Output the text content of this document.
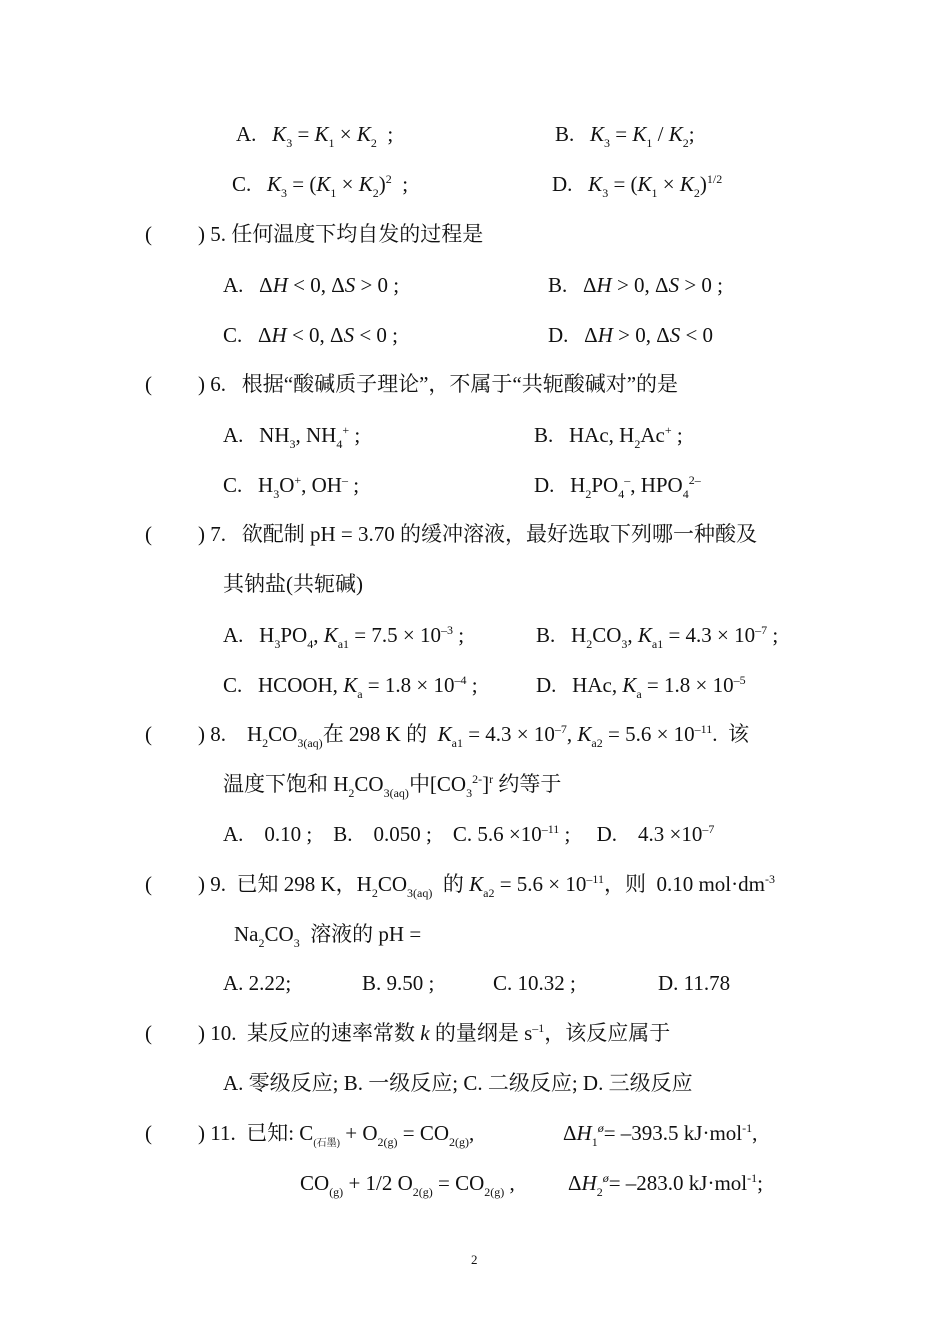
A. $K_3 = K_1 \times K_2$  ;	B. $K_3 = K_1 / K_2$;
C. $K_3 = (K_1 \times K_2)^2$  ;	D. $K_3 = (K_1 \times K_2)^{1/2}$
( ) 5. 任何温度下均自发的过程是
A.   ΔH < 0, ΔS > 0 ;	B.   ΔH > 0, ΔS > 0 ;
C.   ΔH < 0, ΔS < 0 ;	D.   ΔH > 0, ΔS < 0
( ) 6. 根据“酸碱质子理论”，不属于“共轭酸碱对”的是
A.   $NH_3$, $NH_4^+$ ;	B.   HAc, $H_2Ac^+$ ;
C.   $H_3O^+$, OH– ;	D.   $H_2PO_4^-$, $HPO_4^{2-}$
( ) 7. 欲配制 pH = 3.70 的缓冲溶液，最好选取下列哪一种酸及
其钠盐(共轭碱)
A.   $H_3PO_4$, $K_{a1} = 7.5 \times 10^{-3}$ ;	B.   $H_2CO_3$, $K_{a1} = 4.3 \times 10^{-7}$ ;
C.   HCOOH, $K_a = 1.8 \times 10^{-4}$ ;	D.   HAc, $K_a = 1.8 \times 10^{-5}$
( ) 8.    $H_2CO_{3(aq)}$在 298 K 的  $K_{a1} = 4.3 \times 10^{-7}$, $K_{a2} = 5.6 \times 10^{-11}$.  该
温度下饱和 $H_2CO_{3(aq)}$中$[CO_3^{2-}]^r$ 约等于
A.　0.10 ; B.　0.050 ; C. $5.6 \times 10^{-11}$ ;     D.　$4.3 \times 10^{-7}$
( ) 9.  已知 298 K，$H_2CO_{3(aq)}$  的 $K_{a2} = 5.6 \times 10^{-11}$，则  0.10 $mol\cdot dm^{-3}$
$Na_2CO_3$  溶液的 pH =
A. 2.22;	B. 9.50 ;	C. 10.32 ;	D. 11.78
( ) 10.  某反应的速率常数 k 的量纲是 $s^{-1}$，该反应属于
A. 零级反应; B. 一级反应; C. 二级反应; D. 三级反应
( ) 11. 已知: $C_{(石墨)} + O_{2(g)} = CO_{2(g)}$,	$\Delta H_1^ø= -393.5$ kJ·mol$^{-1}$,
$CO_{(g)} + 1/2$ $O_{2(g)} = CO_{2(g)}$ ,	$\Delta H_2^ø= -283.0$ kJ·mol$^{-1}$;
2
